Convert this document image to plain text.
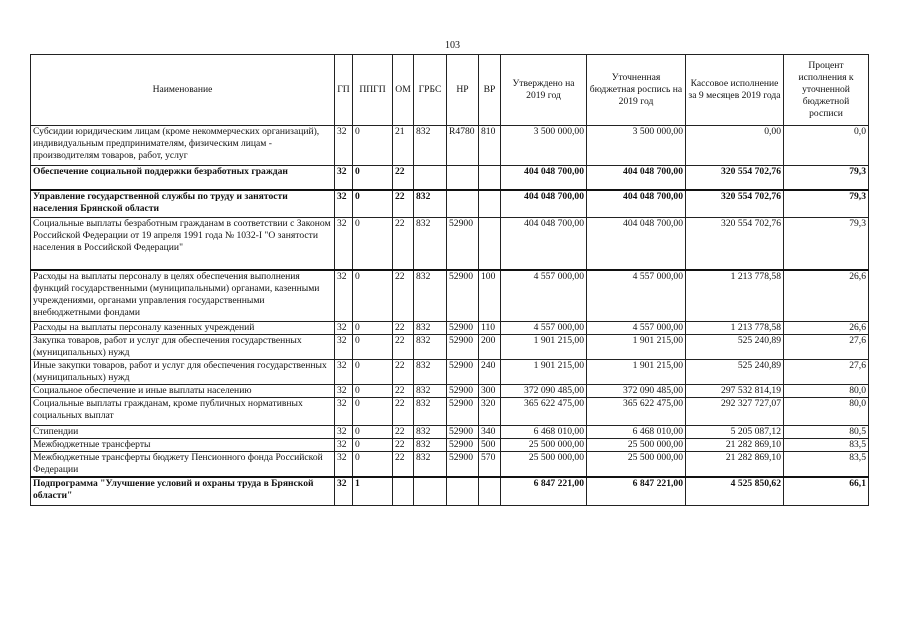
103
Наименование	ГП	ППГП	ОМ	ГРБС	НР	ВР	Утверждено на 2019 год	Уточненная бюджетная роспись на 2019 год	Кассовое исполнение за 9 месяцев 2019 года	Процент исполнения к уточненной бюджетной росписи
Субсидии юридическим лицам (кроме некоммерческих организаций), индивидуальным предпринимателям, физическим лицам - производителям товаров, работ, услуг	32	0	21	832	R4780	810	3 500 000,00	3 500 000,00	0,00	0,0
Обеспечение социальной поддержки безработных граждан	32	0	22				404 048 700,00	404 048 700,00	320 554 702,76	79,3
Управление государственной службы по труду и занятости населения Брянской области	32	0	22	832			404 048 700,00	404 048 700,00	320 554 702,76	79,3
Социальные выплаты безработным гражданам в соответствии с Законом Российской Федерации от 19 апреля 1991 года № 1032-I "О занятости населения в Российской Федерации"	32	0	22	832	52900		404 048 700,00	404 048 700,00	320 554 702,76	79,3
Расходы на выплаты персоналу в целях обеспечения выполнения функций государственными (муниципальными) органами, казенными учреждениями, органами управления государственными внебюджетными фондами	32	0	22	832	52900	100	4 557 000,00	4 557 000,00	1 213 778,58	26,6
Расходы на выплаты персоналу казенных учреждений	32	0	22	832	52900	110	4 557 000,00	4 557 000,00	1 213 778,58	26,6
Закупка товаров, работ и услуг для обеспечения государственных (муниципальных) нужд	32	0	22	832	52900	200	1 901 215,00	1 901 215,00	525 240,89	27,6
Иные закупки товаров, работ и услуг для обеспечения государственных (муниципальных) нужд	32	0	22	832	52900	240	1 901 215,00	1 901 215,00	525 240,89	27,6
Социальное обеспечение и иные выплаты населению	32	0	22	832	52900	300	372 090 485,00	372 090 485,00	297 532 814,19	80,0
Социальные выплаты гражданам, кроме публичных нормативных социальных выплат	32	0	22	832	52900	320	365 622 475,00	365 622 475,00	292 327 727,07	80,0
Стипендии	32	0	22	832	52900	340	6 468 010,00	6 468 010,00	5 205 087,12	80,5
Межбюджетные трансферты	32	0	22	832	52900	500	25 500 000,00	25 500 000,00	21 282 869,10	83,5
Межбюджетные трансферты бюджету Пенсионного фонда Российской Федерации	32	0	22	832	52900	570	25 500 000,00	25 500 000,00	21 282 869,10	83,5
Подпрограмма "Улучшение условий и охраны труда в Брянской области"	32	1					6 847 221,00	6 847 221,00	4 525 850,62	66,1
